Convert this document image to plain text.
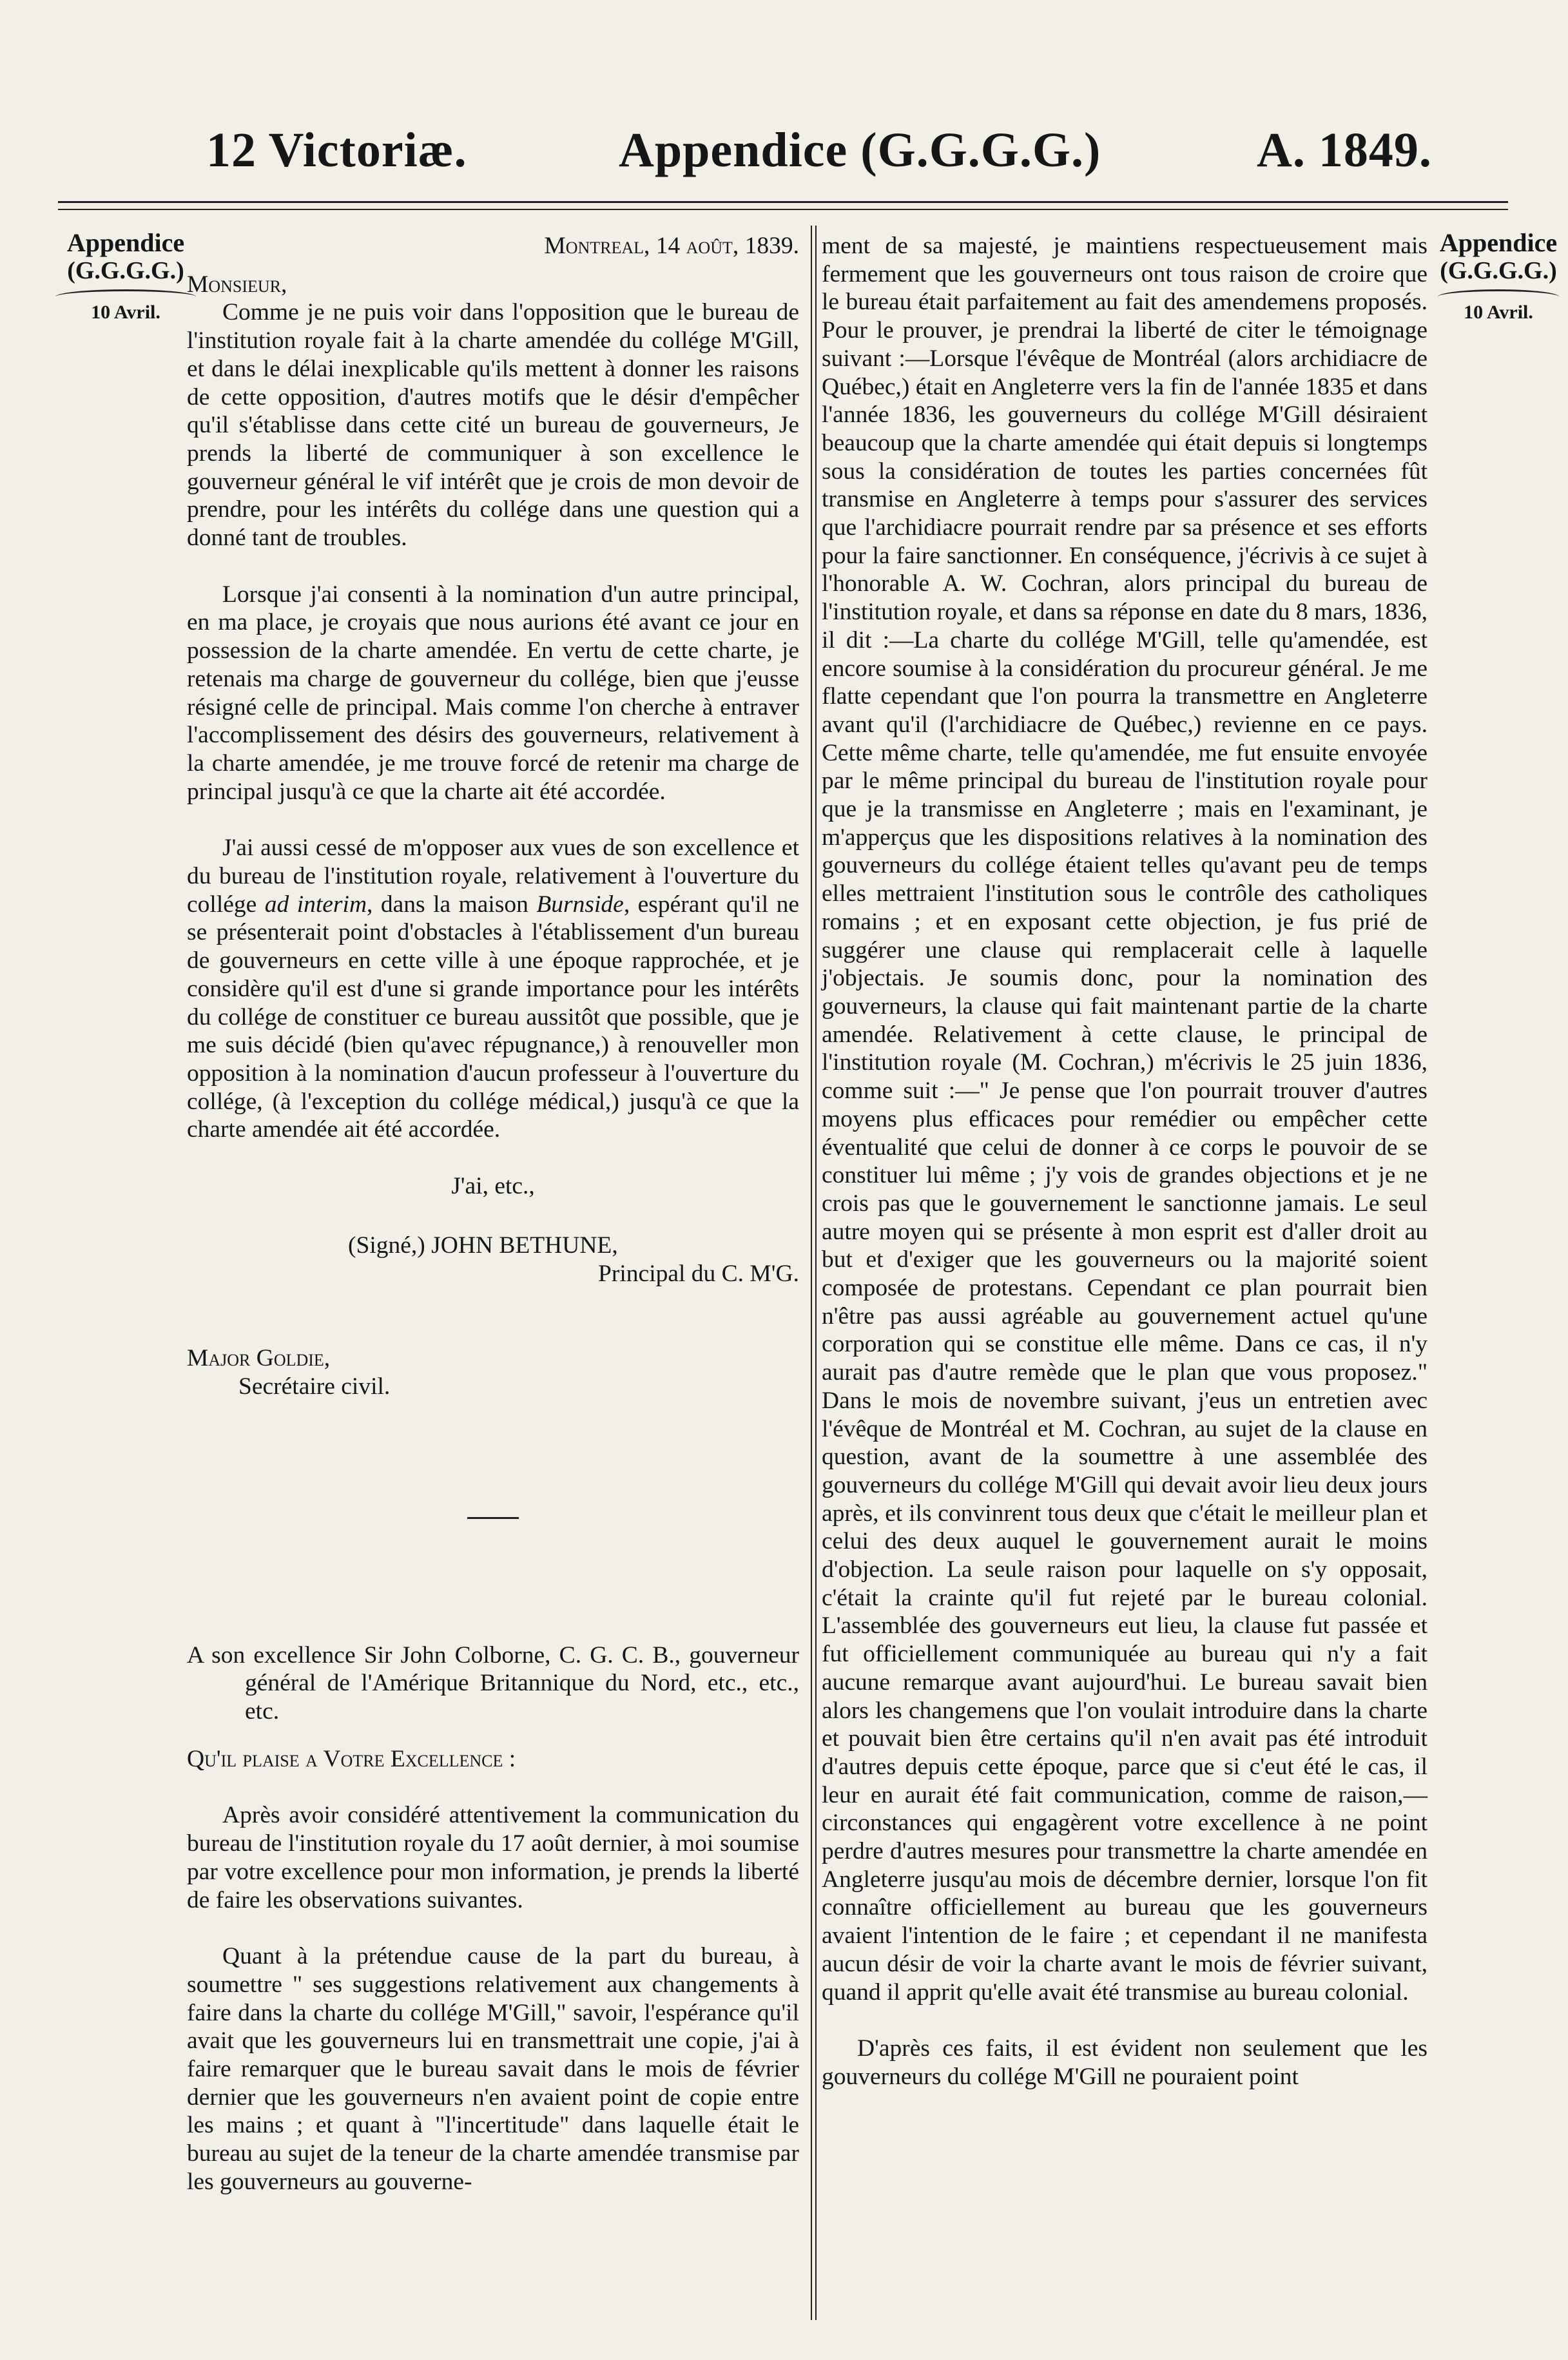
12 Victoriæ.	Appendice (G.G.G.G.)	A. 1849.
Appendice
(G.G.G.G.)
10 Avril.
Appendice
(G.G.G.G.)
10 Avril.

Montreal, 14 août, 1839.

Monsieur,

Comme je ne puis voir dans l'opposition que le bureau de l'institution royale fait à la charte amendée du collége M'Gill, et dans le délai inexplicable qu'ils mettent à donner les raisons de cette opposition, d'autres motifs que le désir d'empêcher qu'il s'établisse dans cette cité un bureau de gouverneurs, Je prends la liberté de communiquer à son excellence le gouverneur général le vif intérêt que je crois de mon devoir de prendre, pour les intérêts du collége dans une question qui a donné tant de troubles.

Lorsque j'ai consenti à la nomination d'un autre principal, en ma place, je croyais que nous aurions été avant ce jour en possession de la charte amendée. En vertu de cette charte, je retenais ma charge de gouverneur du collége, bien que j'eusse résigné celle de principal. Mais comme l'on cherche à entraver l'accomplissement des désirs des gouverneurs, relativement à la charte amendée, je me trouve forcé de retenir ma charge de principal jusqu'à ce que la charte ait été accordée.

J'ai aussi cessé de m'opposer aux vues de son excellence et du bureau de l'institution royale, relativement à l'ouverture du collége ad interim, dans la maison Burnside, espérant qu'il ne se présenterait point d'obstacles à l'établissement d'un bureau de gouverneurs en cette ville à une époque rapprochée, et je considère qu'il est d'une si grande importance pour les intérêts du collége de constituer ce bureau aussitôt que possible, que je me suis décidé (bien qu'avec répugnance,) à renouveller mon opposition à la nomination d'aucun professeur à l'ouverture du collége, (à l'exception du collége médical,) jusqu'à ce que la charte amendée ait été accordée.

J'ai, etc.,

(Signé,) JOHN BETHUNE,

Principal du C. M'G.

Major Goldie,

Secrétaire civil.

A son excellence Sir John Colborne, C. G. C. B., gouverneur général de l'Amérique Britannique du Nord, etc., etc., etc.

Qu'il plaise a Votre Excellence :

Après avoir considéré attentivement la communication du bureau de l'institution royale du 17 août dernier, à moi soumise par votre excellence pour mon information, je prends la liberté de faire les observations suivantes.

Quant à la prétendue cause de la part du bureau, à soumettre " ses suggestions relativement aux changements à faire dans la charte du collége M'Gill," savoir, l'espérance qu'il avait que les gouverneurs lui en transmettrait une copie, j'ai à faire remarquer que le bureau savait dans le mois de février dernier que les gouverneurs n'en avaient point de copie entre les mains ; et quant à "l'incertitude" dans laquelle était le bureau au sujet de la teneur de la charte amendée transmise par les gouverneurs au gouverne-

ment de sa majesté, je maintiens respectueusement mais fermement que les gouverneurs ont tous raison de croire que le bureau était parfaitement au fait des amendemens proposés. Pour le prouver, je prendrai la liberté de citer le témoignage suivant :—Lorsque l'évêque de Montréal (alors archidiacre de Québec,) était en Angleterre vers la fin de l'année 1835 et dans l'année 1836, les gouverneurs du collége M'Gill désiraient beaucoup que la charte amendée qui était depuis si longtemps sous la considération de toutes les parties concernées fût transmise en Angleterre à temps pour s'assurer des services que l'archidiacre pourrait rendre par sa présence et ses efforts pour la faire sanctionner. En conséquence, j'écrivis à ce sujet à l'honorable A. W. Cochran, alors principal du bureau de l'institution royale, et dans sa réponse en date du 8 mars, 1836, il dit :—La charte du collége M'Gill, telle qu'amendée, est encore soumise à la considération du procureur général. Je me flatte cependant que l'on pourra la transmettre en Angleterre avant qu'il (l'archidiacre de Québec,) revienne en ce pays. Cette même charte, telle qu'amendée, me fut ensuite envoyée par le même principal du bureau de l'institution royale pour que je la transmisse en Angleterre ; mais en l'examinant, je m'apperçus que les dispositions relatives à la nomination des gouverneurs du collége étaient telles qu'avant peu de temps elles mettraient l'institution sous le contrôle des catholiques romains ; et en exposant cette objection, je fus prié de suggérer une clause qui remplacerait celle à laquelle j'objectais. Je soumis donc, pour la nomination des gouverneurs, la clause qui fait maintenant partie de la charte amendée. Relativement à cette clause, le principal de l'institution royale (M. Cochran,) m'écrivis le 25 juin 1836, comme suit :—" Je pense que l'on pourrait trouver d'autres moyens plus efficaces pour remédier ou empêcher cette éventualité que celui de donner à ce corps le pouvoir de se constituer lui même ; j'y vois de grandes objections et je ne crois pas que le gouvernement le sanctionne jamais. Le seul autre moyen qui se présente à mon esprit est d'aller droit au but et d'exiger que les gouverneurs ou la majorité soient composée de protestans. Cependant ce plan pourrait bien n'être pas aussi agréable au gouvernement actuel qu'une corporation qui se constitue elle même. Dans ce cas, il n'y aurait pas d'autre remède que le plan que vous proposez." Dans le mois de novembre suivant, j'eus un entretien avec l'évêque de Montréal et M. Cochran, au sujet de la clause en question, avant de la soumettre à une assemblée des gouverneurs du collége M'Gill qui devait avoir lieu deux jours après, et ils convinrent tous deux que c'était le meilleur plan et celui des deux auquel le gouvernement aurait le moins d'objection. La seule raison pour laquelle on s'y opposait, c'était la crainte qu'il fut rejeté par le bureau colonial. L'assemblée des gouverneurs eut lieu, la clause fut passée et fut officiellement communiquée au bureau qui n'y a fait aucune remarque avant aujourd'hui. Le bureau savait bien alors les changemens que l'on voulait introduire dans la charte et pouvait bien être certains qu'il n'en avait pas été introduit d'autres depuis cette époque, parce que si c'eut été le cas, il leur en aurait été fait communication, comme de raison,—circonstances qui engagèrent votre excellence à ne point perdre d'autres mesures pour transmettre la charte amendée en Angleterre jusqu'au mois de décembre dernier, lorsque l'on fit connaître officiellement au bureau que les gouverneurs avaient l'intention de le faire ; et cependant il ne manifesta aucun désir de voir la charte avant le mois de février suivant, quand il apprit qu'elle avait été transmise au bureau colonial.

D'après ces faits, il est évident non seulement que les gouverneurs du collége M'Gill ne pouraient point
